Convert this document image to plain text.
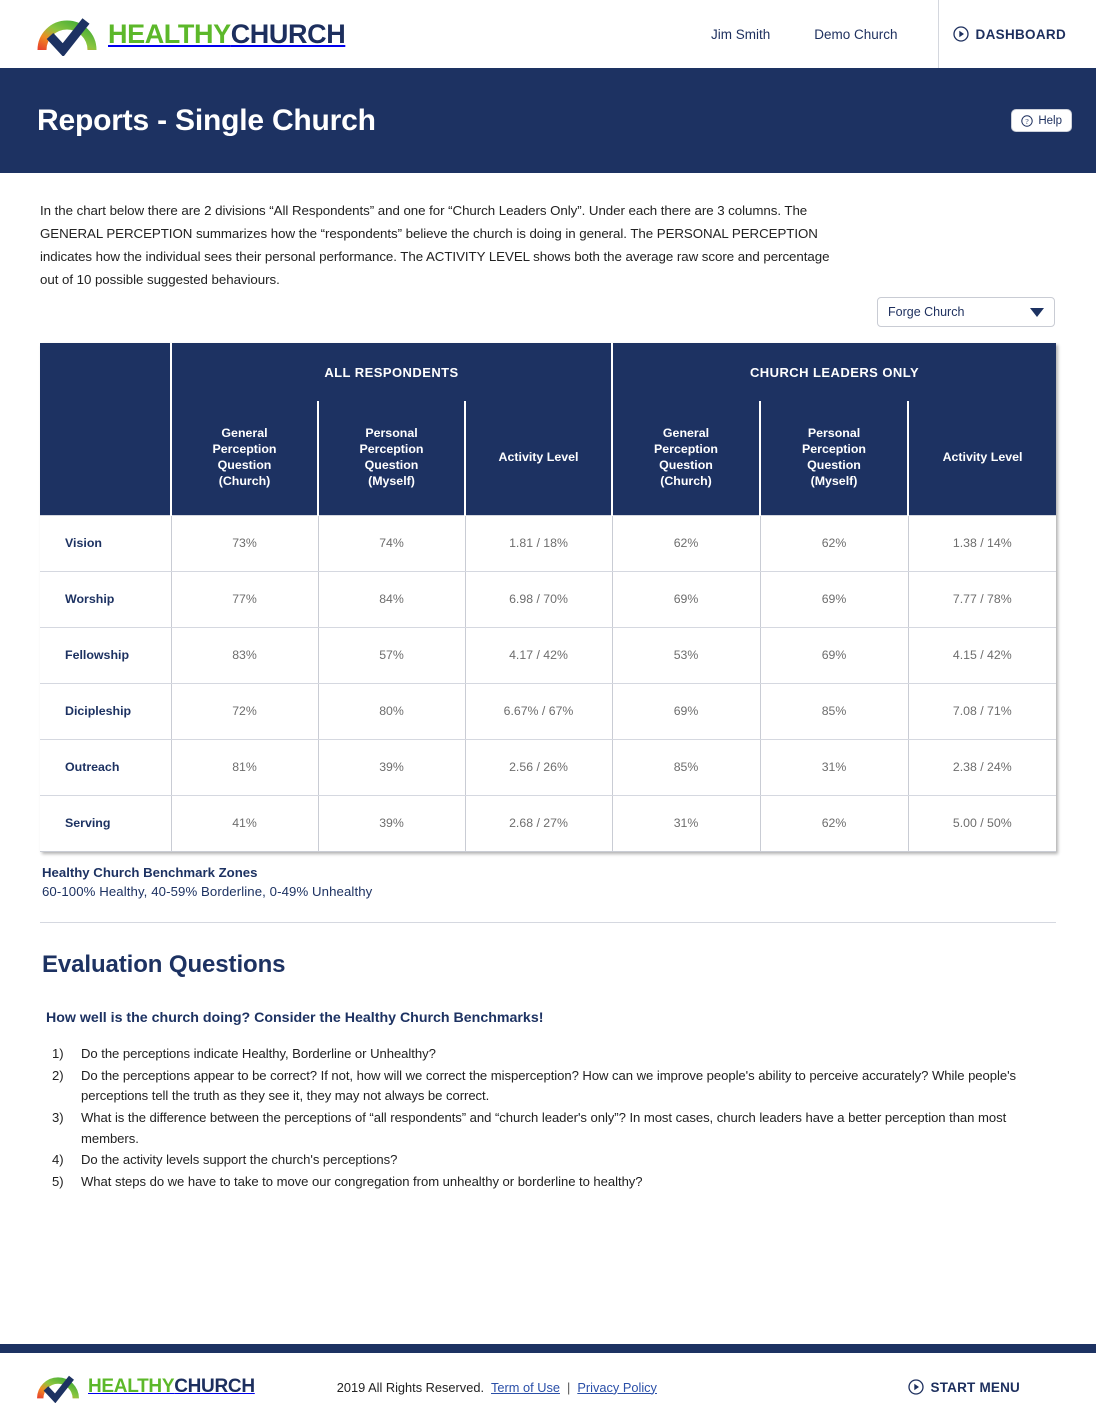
HEALTHYCHURCH	Jim Smith	Demo Church	DASHBOARD
Reports - Single Church	? Help

In the chart below there are 2 divisions “All Respondents” and one for “Church Leaders Only”. Under each there are 3 columns. The GENERAL PERCEPTION summarizes how the “respondents” believe the church is doing in general. The PERSONAL PERCEPTION indicates how the individual sees their personal performance. The ACTIVITY LEVEL shows both the average raw score and percentage out of 10 possible suggested behaviours.

Forge Church
	ALL RESPONDENTS			CHURCH LEADERS ONLY		
	General
Perception
Question
(Church)	Personal
Perception
Question
(Myself)	Activity Level	General
Perception
Question
(Church)	Personal
Perception
Question
(Myself)	Activity Level
Vision	73%	74%	1.81 / 18%	62%	62%	1.38 / 14%
Worship	77%	84%	6.98 / 70%	69%	69%	7.77 / 78%
Fellowship	83%	57%	4.17 / 42%	53%	69%	4.15 / 42%
Dicipleship	72%	80%	6.67% / 67%	69%	85%	7.08 / 71%
Outreach	81%	39%	2.56 / 26%	85%	31%	2.38 / 24%
Serving	41%	39%	2.68 / 27%	31%	62%	5.00 / 50%
Healthy Church Benchmark Zones
60-100% Healthy, 40-59% Borderline, 0-49% Unhealthy
Evaluation Questions
How well is the church doing? Consider the Healthy Church Benchmarks!
Do the perceptions indicate Healthy, Borderline or Unhealthy?
Do the perceptions appear to be correct? If not, how will we correct the misperception? How can we improve people's ability to perceive accurately? While people's perceptions tell the truth as they see it, they may not always be correct.
What is the difference between the perceptions of “all respondents” and “church leader's only”? In most cases, church leaders have a better perception than most members.
Do the activity levels support the church's perceptions?
What steps do we have to take to move our congregation from unhealthy or borderline to healthy?
HEALTHYCHURCH	2019 All Rights Reserved. Term of Use | Privacy Policy	START MENU
